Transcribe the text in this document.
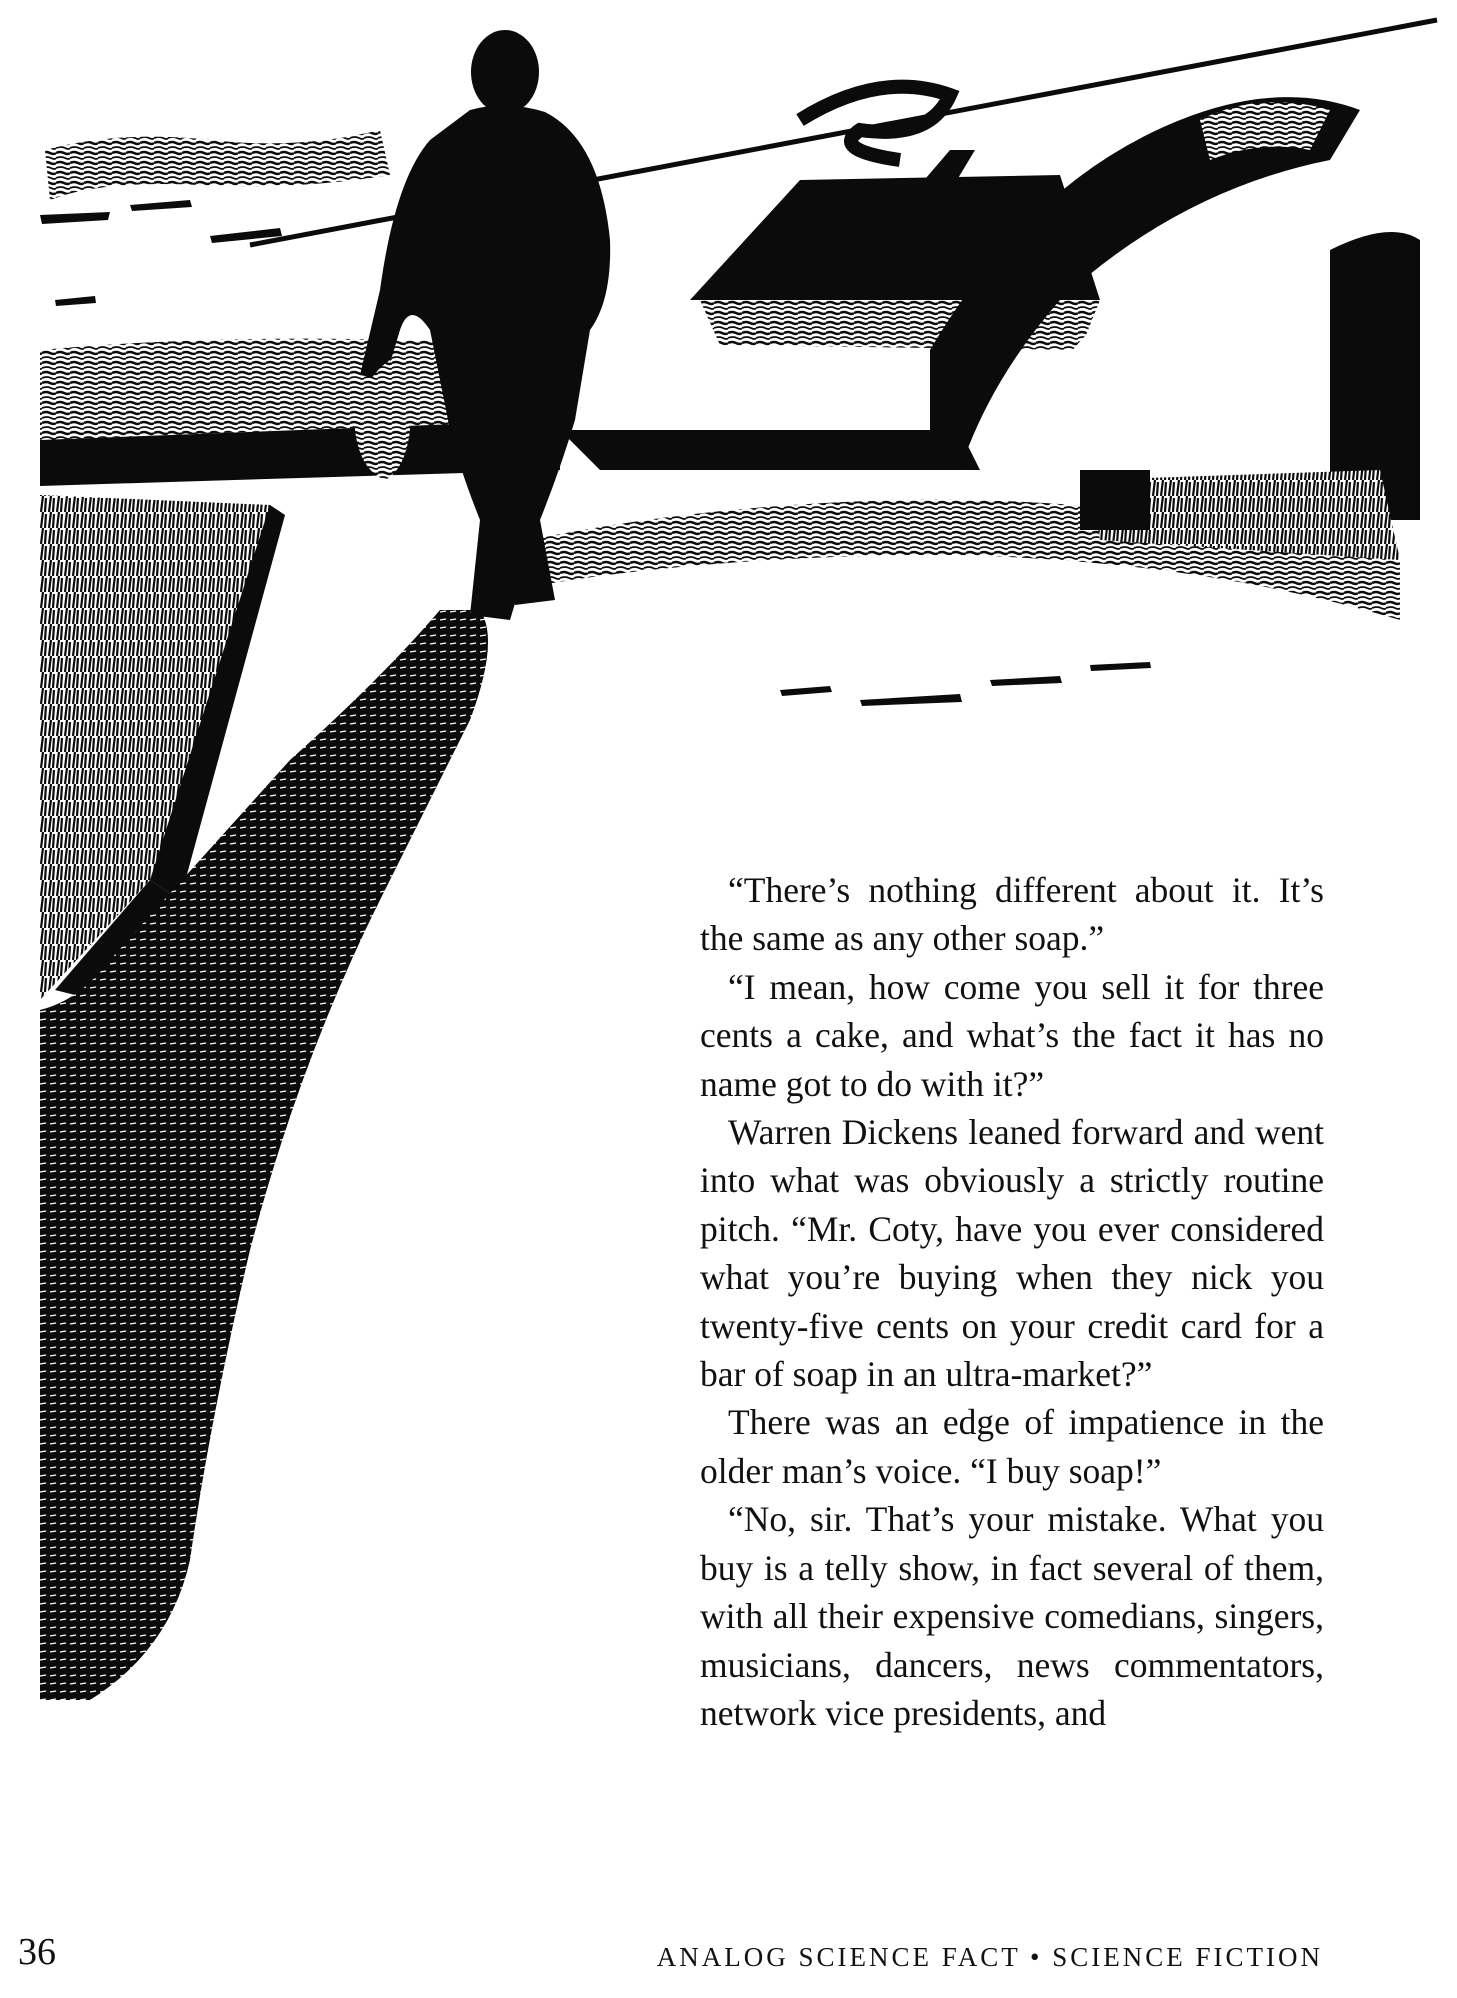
“There’s nothing different about it. It’s the same as any other soap.”

“I mean, how come you sell it for three cents a cake, and what’s the fact it has no name got to do with it?”

Warren Dickens leaned forward and went into what was obviously a strictly routine pitch. “Mr. Coty, have you ever considered what you’re buying when they nick you twenty-five cents on your credit card for a bar of soap in an ultra-market?”

There was an edge of impatience in the older man’s voice. “I buy soap!”

“No, sir. That’s your mistake. What you buy is a telly show, in fact several of them, with all their expensive comedians, singers, musicians, dancers, news commentators, network vice presidents, and

36	ANALOG SCIENCE FACT • SCIENCE FICTION
